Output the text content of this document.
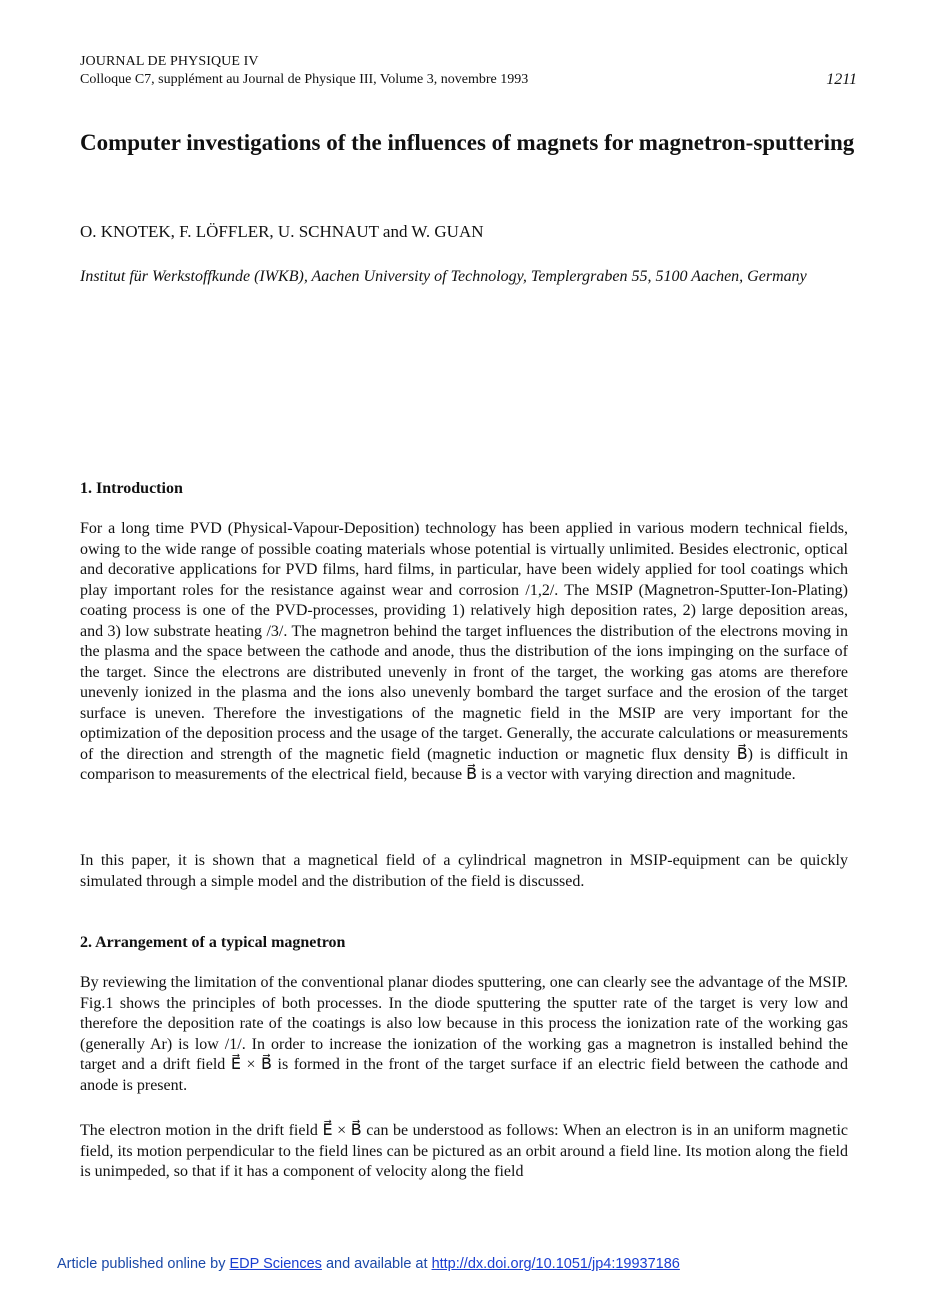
JOURNAL DE PHYSIQUE IV
Colloque C7, supplément au Journal de Physique III, Volume 3, novembre 1993	1211
Computer investigations of the influences of magnets for magnetron-sputtering
O. KNOTEK, F. LÖFFLER, U. SCHNAUT and W. GUAN
Institut für Werkstoffkunde (IWKB), Aachen University of Technology, Templergraben 55, 5100 Aachen, Germany
1. Introduction

For a long time PVD (Physical-Vapour-Deposition) technology has been applied in various modern technical fields, owing to the wide range of possible coating materials whose potential is virtually unlimited. Besides electronic, optical and decorative applications for PVD films, hard films, in particular, have been widely applied for tool coatings which play important roles for the resistance against wear and corrosion /1,2/. The MSIP (Magnetron-Sputter-Ion-Plating) coating process is one of the PVD-processes, providing 1) relatively high deposition rates, 2) large deposition areas, and 3) low substrate heating /3/. The magnetron behind the target influences the distribution of the electrons moving in the plasma and the space between the cathode and anode, thus the distribution of the ions impinging on the surface of the target. Since the electrons are distributed unevenly in front of the target, the working gas atoms are therefore unevenly ionized in the plasma and the ions also unevenly bombard the target surface and the erosion of the target surface is uneven. Therefore the investigations of the magnetic field in the MSIP are very important for the optimization of the deposition process and the usage of the target. Generally, the accurate calculations or measurements of the direction and strength of the magnetic field (magnetic induction or magnetic flux density B⃗) is difficult in comparison to measurements of the electrical field, because B⃗ is a vector with varying direction and magnitude.

In this paper, it is shown that a magnetical field of a cylindrical magnetron in MSIP-equipment can be quickly simulated through a simple model and the distribution of the field is discussed.

2. Arrangement of a typical magnetron

By reviewing the limitation of the conventional planar diodes sputtering, one can clearly see the advantage of the MSIP. Fig.1 shows the principles of both processes. In the diode sputtering the sputter rate of the target is very low and therefore the deposition rate of the coatings is also low because in this process the ionization rate of the working gas (generally Ar) is low /1/. In order to increase the ionization of the working gas a magnetron is installed behind the target and a drift field E⃗ × B⃗ is formed in the front of the target surface if an electric field between the cathode and anode is present.

The electron motion in the drift field E⃗ × B⃗ can be understood as follows: When an electron is in an uniform magnetic field, its motion perpendicular to the field lines can be pictured as an orbit around a field line. Its motion along the field is unimpeded, so that if it has a component of velocity along the field

Article published online by EDP Sciences and available at http://dx.doi.org/10.1051/jp4:19937186
